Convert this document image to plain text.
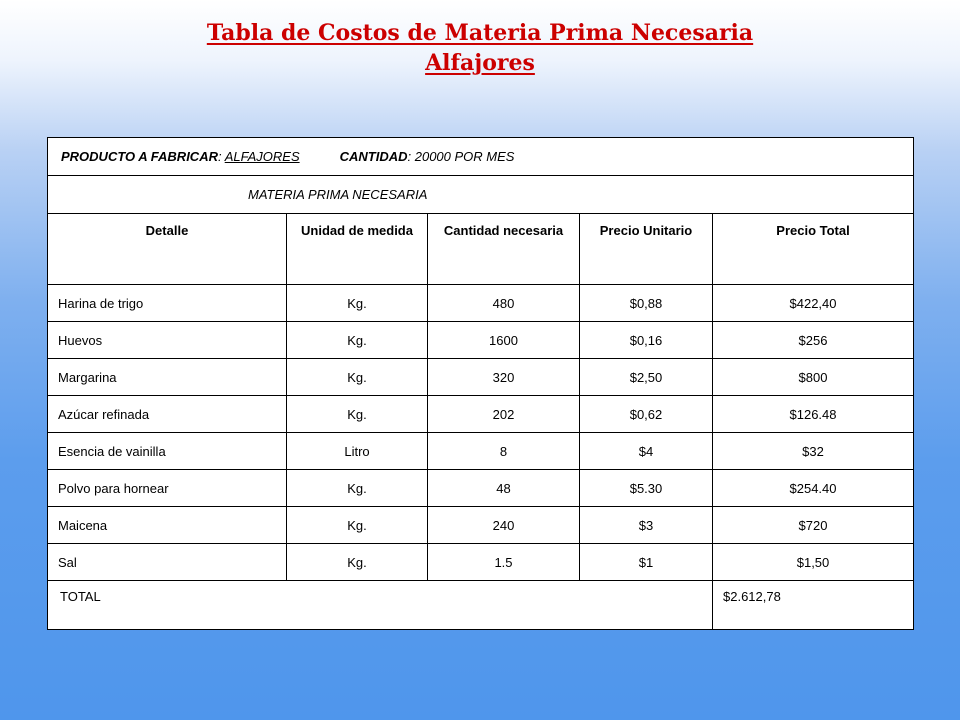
Tabla de Costos de Materia Prima Necesaria
Alfajores
PRODUCTO A FABRICAR: ALFAJORES CANTIDAD: 20000 POR MES				
MATERIA PRIMA NECESARIA				
Detalle	Unidad de medida	Cantidad necesaria	Precio Unitario	Precio Total
Harina de trigo	Kg.	480	$0,88	$422,40
Huevos	Kg.	1600	$0,16	$256
Margarina	Kg.	320	$2,50	$800
Azúcar refinada	Kg.	202	$0,62	$126.48
Esencia de vainilla	Litro	8	$4	$32
Polvo para hornear	Kg.	48	$5.30	$254.40
Maicena	Kg.	240	$3	$720
Sal	Kg.	1.5	$1	$1,50
TOTAL				$2.612,78
